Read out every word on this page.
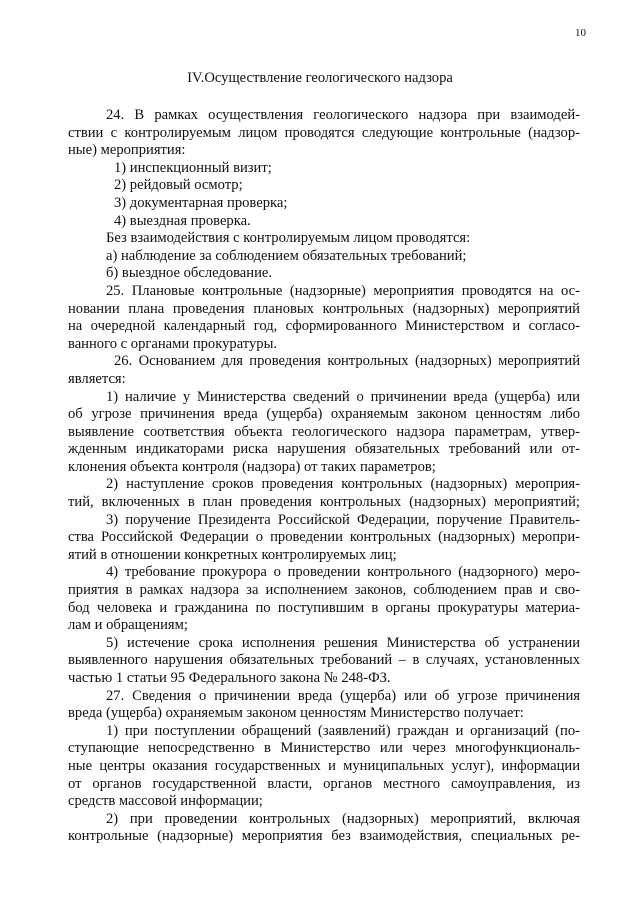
10
IV.Осуществление геологического надзора
24. В рамках осуществления геологического надзора при взаимодей-
ствии с контролируемым лицом проводятся следующие контрольные (надзор-
ные) мероприятия:
1) инспекционный визит;
2) рейдовый осмотр;
3) документарная проверка;
4) выездная проверка.
Без взаимодействия с контролируемым лицом проводятся:
а) наблюдение за соблюдением обязательных требований;
б) выездное обследование.
25. Плановые контрольные (надзорные) мероприятия проводятся на ос-
новании плана проведения плановых контрольных (надзорных) мероприятий
на очередной календарный год, сформированного Министерством и согласо-
ванного с органами прокуратуры.
26. Основанием для проведения контрольных (надзорных) мероприятий
является:
1) наличие у Министерства сведений о причинении вреда (ущерба) или
об угрозе причинения вреда (ущерба) охраняемым законом ценностям либо
выявление соответствия объекта геологического надзора параметрам, утвер-
жденным индикаторами риска нарушения обязательных требований или от-
клонения объекта контроля (надзора) от таких параметров;
2) наступление сроков проведения контрольных (надзорных) мероприя-
тий, включенных в план проведения контрольных (надзорных) мероприятий;
3) поручение Президента Российской Федерации, поручение Правитель-
ства Российской Федерации о проведении контрольных (надзорных) меропри-
ятий в отношении конкретных контролируемых лиц;
4) требование прокурора о проведении контрольного (надзорного) меро-
приятия в рамках надзора за исполнением законов, соблюдением прав и сво-
бод человека и гражданина по поступившим в органы прокуратуры материа-
лам и обращениям;
5) истечение срока исполнения решения Министерства об устранении
выявленного нарушения обязательных требований – в случаях, установленных
частью 1 статьи 95 Федерального закона № 248-ФЗ.
27. Сведения о причинении вреда (ущерба) или об угрозе причинения
вреда (ущерба) охраняемым законом ценностям Министерство получает:
1) при поступлении обращений (заявлений) граждан и организаций (по-
ступающие непосредственно в Министерство или через многофункциональ-
ные центры оказания государственных и муниципальных услуг), информации
от органов государственной власти, органов местного самоуправления, из
средств массовой информации;
2) при проведении контрольных (надзорных) мероприятий, включая
контрольные (надзорные) мероприятия без взаимодействия, специальных ре-
